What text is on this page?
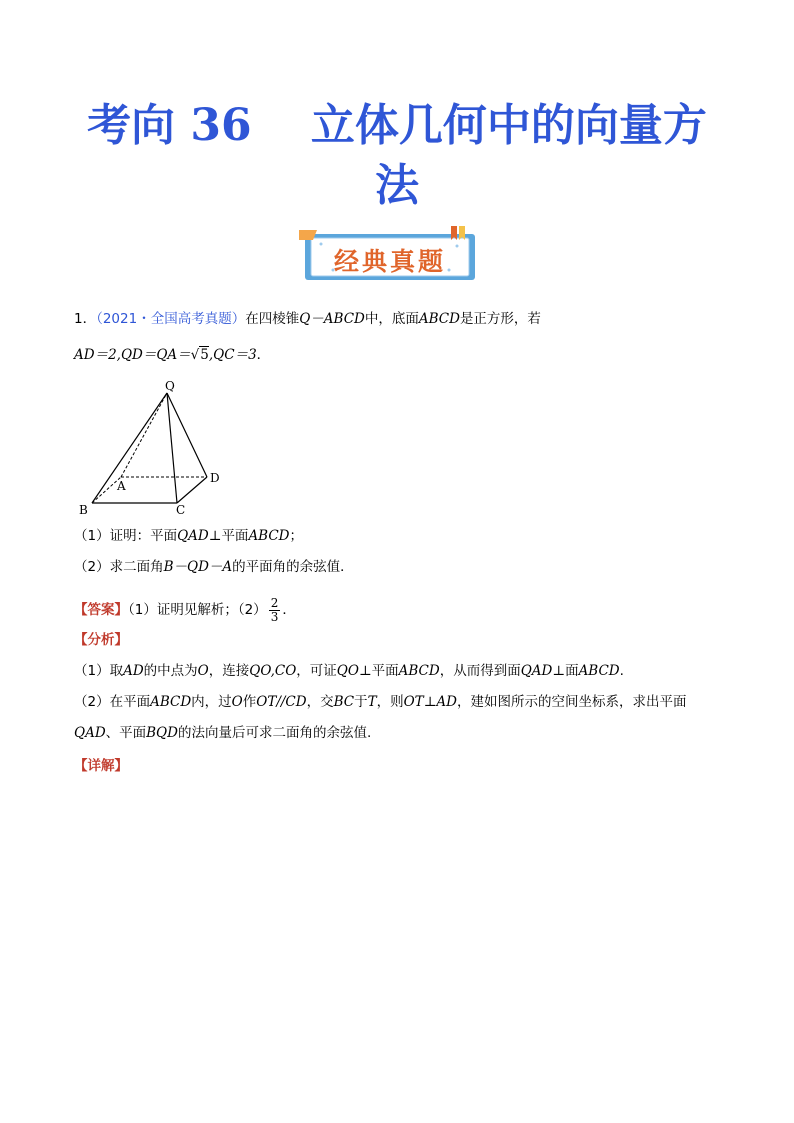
考向 36　 立体几何中的向量方
法
经典真题
1．（2021・全国高考真题）在四棱锥Q－ABCD中，底面ABCD是正方形，若
AD＝2,QD＝QA＝√5,QC＝3．
Q
A
B	C
D
（1）证明：平面QAD⊥平面ABCD；
（2）求二面角B－QD－A的平面角的余弦值．
【答案】（1）证明见解析；$(2) \frac{2}{3}$ ．
【分析】
（1）取AD的中点为O，连接QO,CO，可证QO⊥平面ABCD，从而得到面QAD⊥面ABCD.
（2）在平面ABCD内，过O作OT//CD，交BC于T，则OT⊥AD，建如图所示的空间坐标系，求出平面
QAD、平面BQD的法向量后可求二面角的余弦值.
【详解】
